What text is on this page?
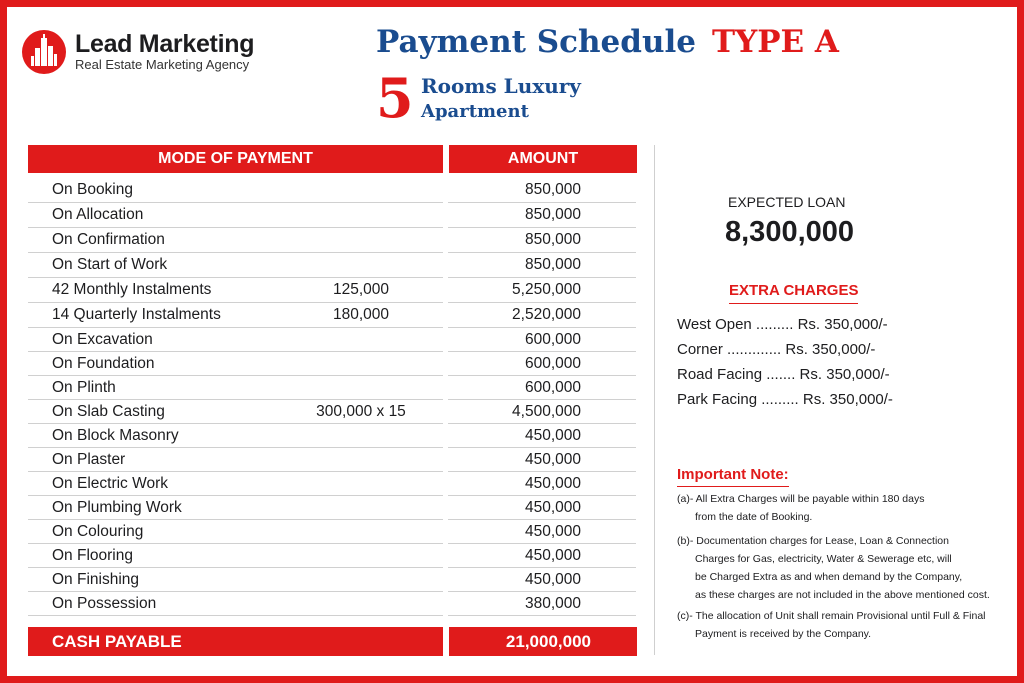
Lead Marketing
Real Estate Marketing Agency
Payment Schedule TYPE A
5 Rooms Luxury
Apartment
MODE OF PAYMENT	AMOUNT
On Booking	850,000
On Allocation	850,000
On Confirmation	850,000
On Start of Work	850,000
42 Monthly Instalments	125,000	5,250,000
14 Quarterly Instalments	180,000	2,520,000
On Excavation	600,000
On Foundation	600,000
On Plinth	600,000
On Slab Casting	300,000 x 15	4,500,000
On Block Masonry	450,000
On Plaster	450,000
On Electric Work	450,000
On Plumbing Work	450,000
On Colouring	450,000
On Flooring	450,000
On Finishing	450,000
On Possession	380,000
CASH PAYABLE	21,000,000
EXPECTED LOAN
8,300,000
EXTRA CHARGES
West Open ......... Rs. 350,000/-
Corner ............. Rs. 350,000/-
Road Facing ....... Rs. 350,000/-
Park Facing ......... Rs. 350,000/-
Important Note:
(a)- All Extra Charges will be payable within 180 days
from the date of Booking.
(b)- Documentation charges for Lease, Loan & Connection
Charges for Gas, electricity, Water & Sewerage etc, will
be Charged Extra as and when demand by the Company,
as these charges are not included in the above mentioned cost.
(c)- The allocation of Unit shall remain Provisional until Full & Final
Payment is received by the Company.
